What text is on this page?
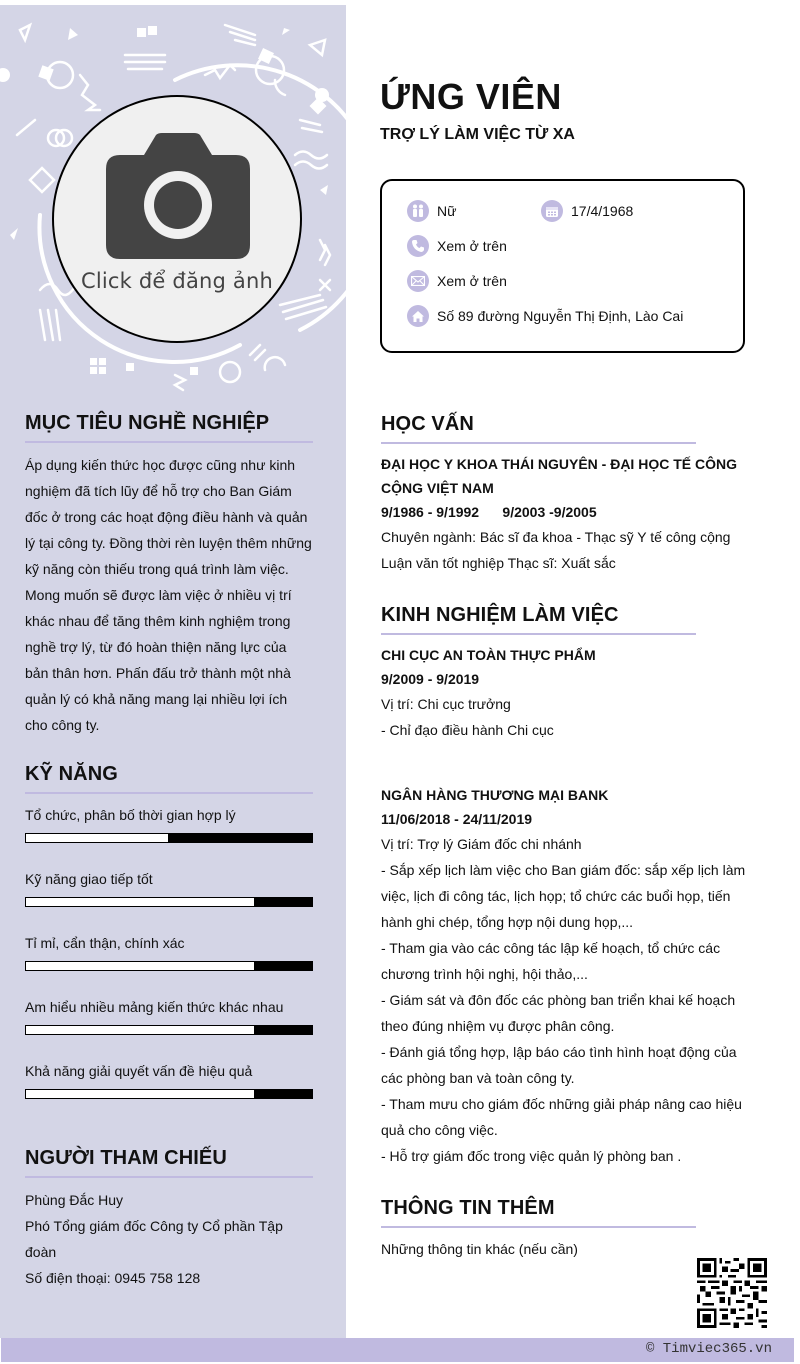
Click để đăng ảnh
MỤC TIÊU NGHỀ NGHIỆP
Áp dụng kiến thức học được cũng như kinh nghiệm đã tích lũy để hỗ trợ cho Ban Giám đốc ở trong các hoạt động điều hành và quản lý tại công ty. Đồng thời rèn luyện thêm những kỹ năng còn thiếu trong quá trình làm việc. Mong muốn sẽ được làm việc ở nhiều vị trí khác nhau để tăng thêm kinh nghiệm trong nghề trợ lý, từ đó hoàn thiện năng lực của bản thân hơn. Phấn đấu trở thành một nhà quản lý có khả năng mang lại nhiều lợi ích cho công ty.
KỸ NĂNG
Tổ chức, phân bố thời gian hợp lý
Kỹ năng giao tiếp tốt
Tỉ mỉ, cẩn thận, chính xác
Am hiểu nhiều mảng kiến thức khác nhau
Khả năng giải quyết vấn đề hiệu quả
NGƯỜI THAM CHIẾU
Phùng Đắc Huy
Phó Tổng giám đốc Công ty Cổ phần Tập đoàn
Số điện thoại: 0945 758 128
ỨNG VIÊN
TRỢ LÝ LÀM VIỆC TỪ XA
Nữ	17/4/1968
Xem ở trên
Xem ở trên
Số 89 đường Nguyễn Thị Định, Lào Cai
HỌC VẤN
ĐẠI HỌC Y KHOA THÁI NGUYÊN - ĐẠI HỌC TẾ CÔNG CỘNG VIỆT NAM
9/1986 - 9/1992      9/2003 -9/2005
Chuyên ngành: Bác sĩ đa khoa - Thạc sỹ Y tế công cộng
Luận văn tốt nghiệp Thạc sĩ: Xuất sắc
KINH NGHIỆM LÀM VIỆC
CHI CỤC AN TOÀN THỰC PHẨM
9/2009 - 9/2019
Vị trí: Chi cục trưởng
- Chỉ đạo điều hành Chi cục
NGÂN HÀNG THƯƠNG MẠI BANK
11/06/2018 - 24/11/2019
Vị trí: Trợ lý Giám đốc chi nhánh
- Sắp xếp lịch làm việc cho Ban giám đốc: sắp xếp lịch làm việc, lịch đi công tác, lịch họp; tổ chức các buổi họp, tiến hành ghi chép, tổng hợp nội dung họp,...
- Tham gia vào các công tác lập kế hoạch, tổ chức các chương trình hội nghị, hội thảo,...
- Giám sát và đôn đốc các phòng ban triển khai kế hoạch theo đúng nhiệm vụ được phân công.
- Đánh giá tổng hợp, lập báo cáo tình hình hoạt động của các phòng ban và toàn công ty.
- Tham mưu cho giám đốc những giải pháp nâng cao hiệu quả cho công việc.
- Hỗ trợ giám đốc trong việc quản lý phòng ban .
THÔNG TIN THÊM
Những thông tin khác (nếu cần)
© Timviec365.vn
